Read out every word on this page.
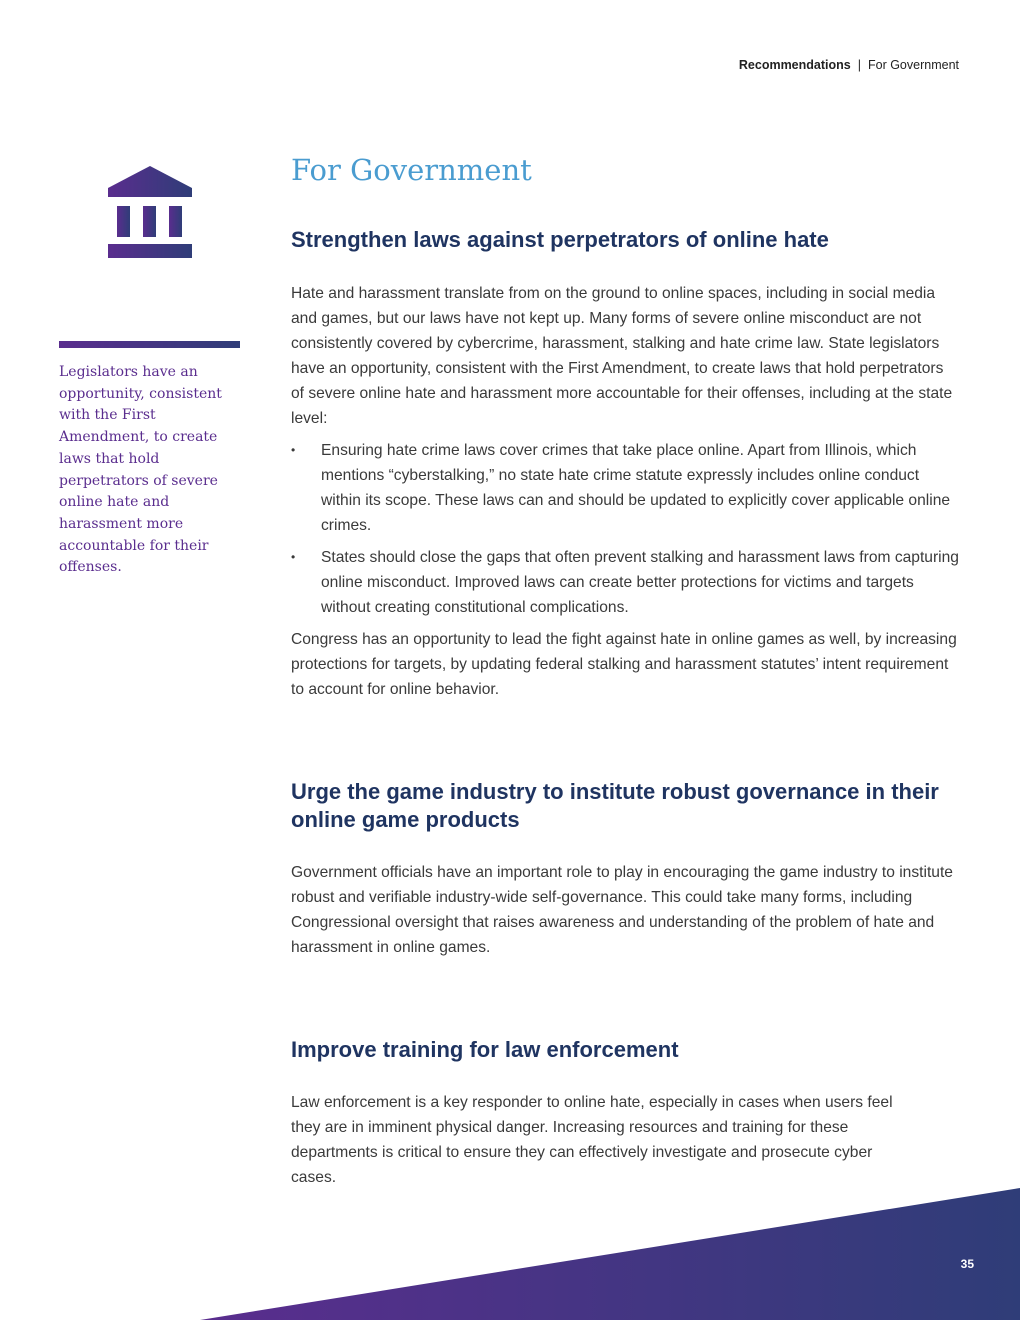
Recommendations | For Government

Legislators have an opportunity, consistent with the First Amendment, to create laws that hold perpetrators of severe online hate and harassment more accountable for their offenses.

For Government
Strengthen laws against perpetrators of online hate

Hate and harassment translate from on the ground to online spaces, including in social media and games, but our laws have not kept up. Many forms of severe online misconduct are not consistently covered by cybercrime, harassment, stalking and hate crime law. State legislators have an opportunity, consistent with the First Amendment, to create laws that hold perpetrators of severe online hate and harassment more accountable for their offenses, including at the state level:

• Ensuring hate crime laws cover crimes that take place online. Apart from Illinois, which mentions “cyberstalking,” no state hate crime statute expressly includes online conduct within its scope. These laws can and should be updated to explicitly cover applicable online crimes.
• States should close the gaps that often prevent stalking and harassment laws from capturing online misconduct. Improved laws can create better protections for victims and targets without creating constitutional complications.

Congress has an opportunity to lead the fight against hate in online games as well, by increasing protections for targets, by updating federal stalking and harassment statutes’ intent requirement to account for online behavior.

Urge the game industry to institute robust governance in their online game products

Government officials have an important role to play in encouraging the game industry to institute robust and verifiable industry-wide self-governance. This could take many forms, including Congressional oversight that raises awareness and understanding of the problem of hate and harassment in online games.

Improve training for law enforcement

Law enforcement is a key responder to online hate, especially in cases when users feel they are in imminent physical danger. Increasing resources and training for these departments is critical to ensure they can effectively investigate and prosecute cyber cases.

35
